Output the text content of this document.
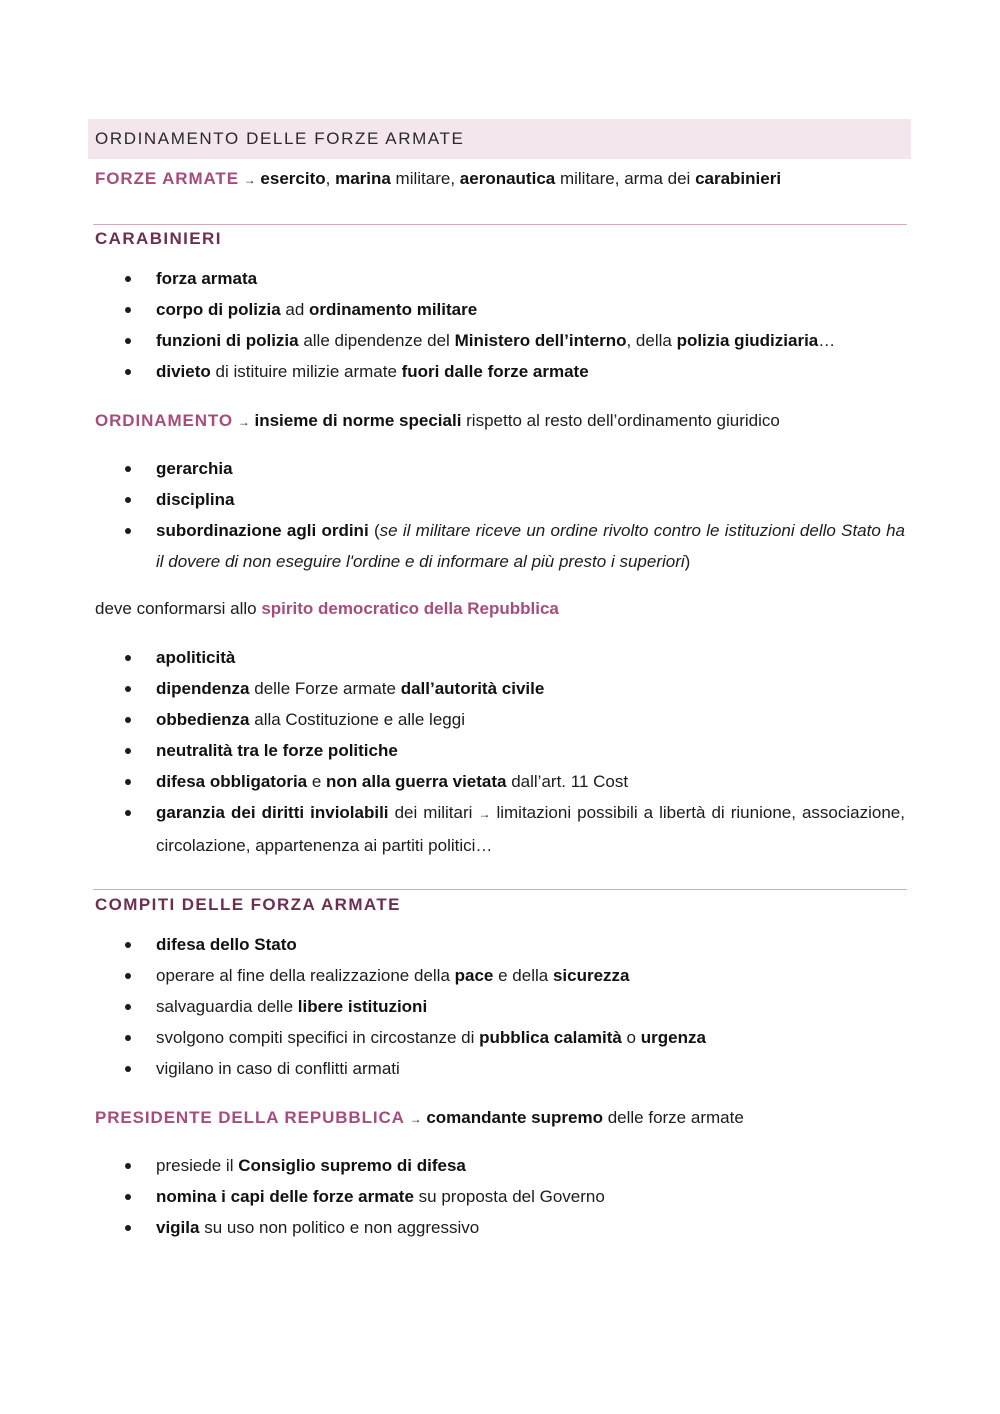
ORDINAMENTO DELLE FORZE ARMATE
FORZE ARMATE → esercito, marina militare, aeronautica militare, arma dei carabinieri
CARABINIERI
forza armata
corpo di polizia ad ordinamento militare
funzioni di polizia alle dipendenze del Ministero dell’interno, della polizia giudiziaria…
divieto di istituire milizie armate fuori dalle forze armate
ORDINAMENTO → insieme di norme speciali rispetto al resto dell’ordinamento giuridico
gerarchia
disciplina
subordinazione agli ordini (se il militare riceve un ordine rivolto contro le istituzioni dello Stato ha il dovere di non eseguire l'ordine e di informare al più presto i superiori)
deve conformarsi allo spirito democratico della Repubblica
apoliticità
dipendenza delle Forze armate dall’autorità civile
obbedienza alla Costituzione e alle leggi
neutralità tra le forze politiche
difesa obbligatoria e non alla guerra vietata dall’art. 11 Cost
garanzia dei diritti inviolabili dei militari → limitazioni possibili a libertà di riunione, associazione, circolazione, appartenenza ai partiti politici…
COMPITI DELLE FORZA ARMATE
difesa dello Stato
operare al fine della realizzazione della pace e della sicurezza
salvaguardia delle libere istituzioni
svolgono compiti specifici in circostanze di pubblica calamità o urgenza
vigilano in caso di conflitti armati
PRESIDENTE DELLA REPUBBLICA → comandante supremo delle forze armate
presiede il Consiglio supremo di difesa
nomina i capi delle forze armate su proposta del Governo
vigila su uso non politico e non aggressivo
